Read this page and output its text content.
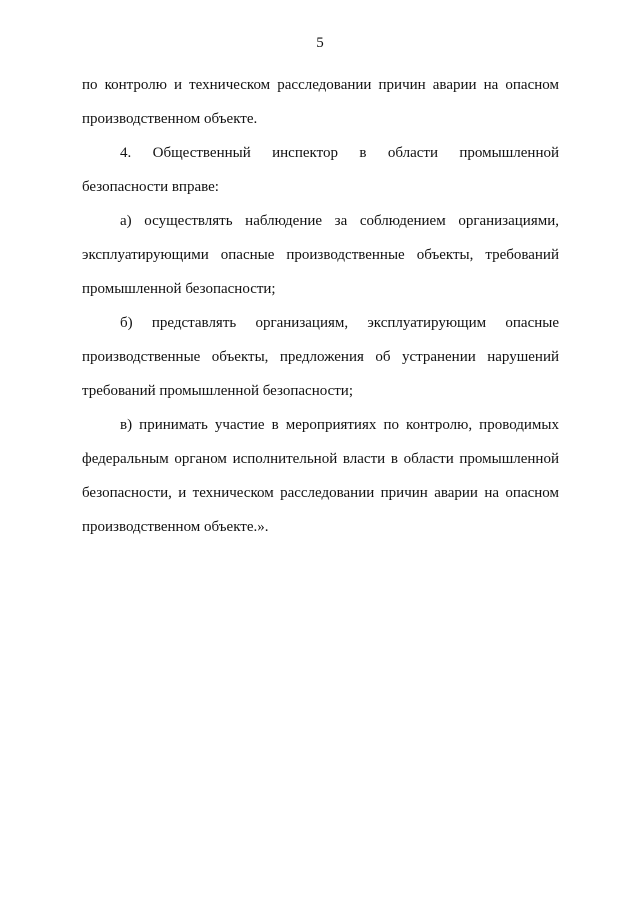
5

по контролю и техническом расследовании причин аварии на опасном производственном объекте.

4. Общественный инспектор в области промышленной безопасности вправе:

а) осуществлять наблюдение за соблюдением организациями, эксплуатирующими опасные производственные объекты, требований промышленной безопасности;

б) представлять организациям, эксплуатирующим опасные производственные объекты, предложения об устранении нарушений требований промышленной безопасности;

в) принимать участие в мероприятиях по контролю, проводимых федеральным органом исполнительной власти в области промышленной безопасности, и техническом расследовании причин аварии на опасном производственном объекте.».
